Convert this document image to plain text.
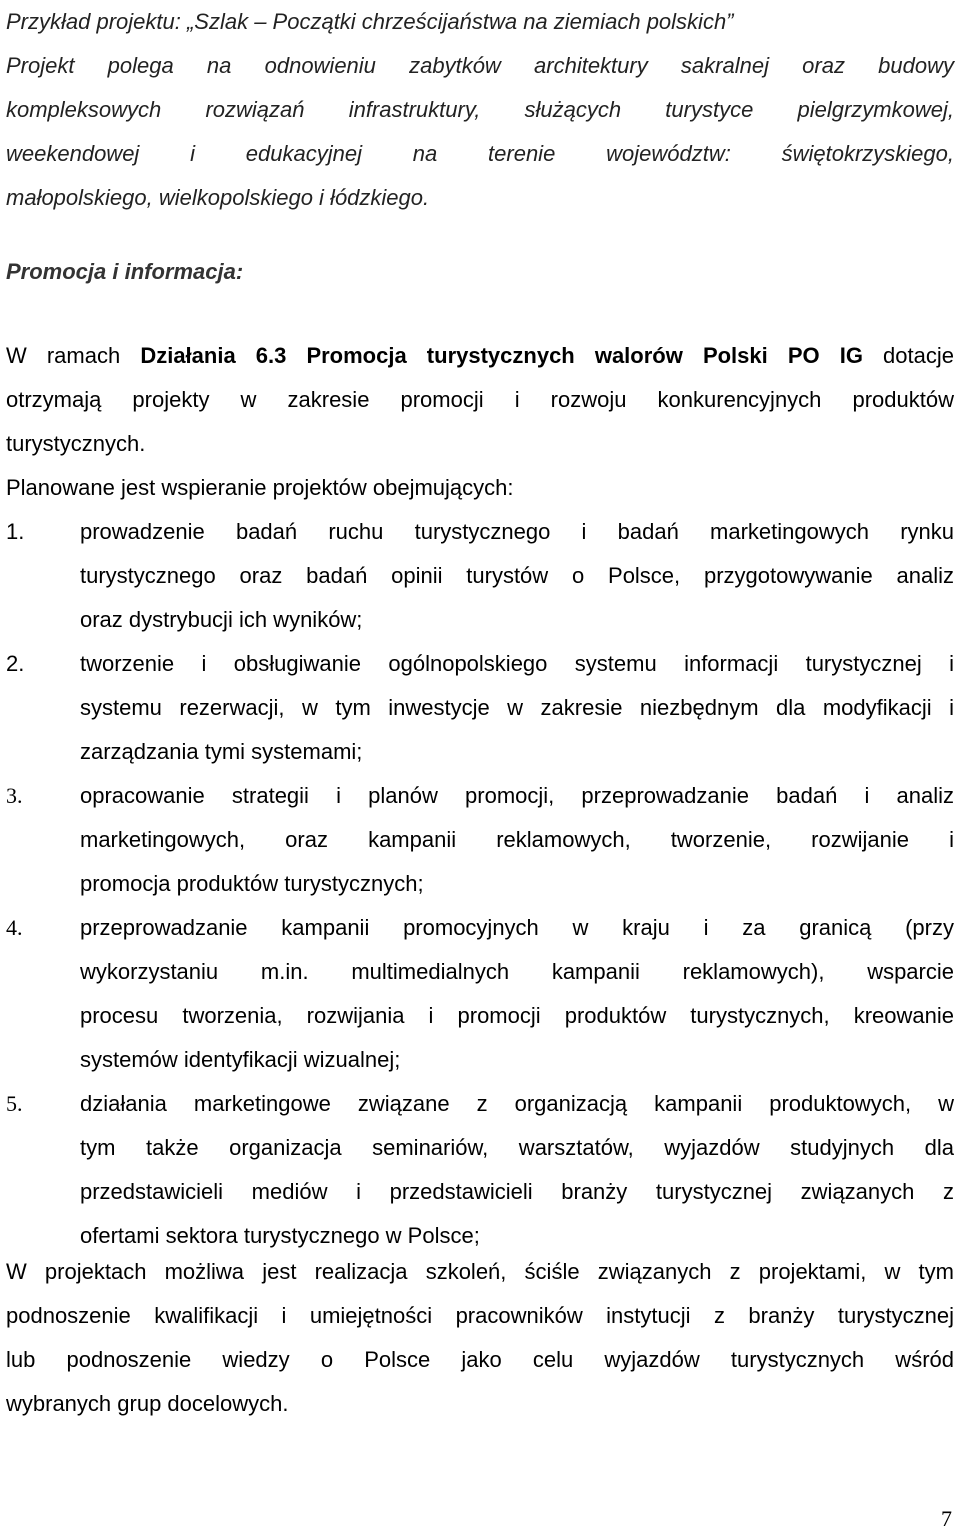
Przykład projektu: „Szlak – Początki chrześcijaństwa na ziemiach polskich”
Projekt polega na odnowieniu zabytków architektury sakralnej oraz budowy
kompleksowych rozwiązań infrastruktury, służących turystyce pielgrzymkowej,
weekendowej i edukacyjnej na terenie województw: świętokrzyskiego,
małopolskiego, wielkopolskiego i łódzkiego.
Promocja i informacja:
W ramach Działania 6.3 Promocja turystycznych walorów Polski PO IG dotacje
otrzymają projekty w zakresie promocji i rozwoju konkurencyjnych produktów
turystycznych.
Planowane jest wspieranie projektów obejmujących:
1.	prowadzenie badań ruchu turystycznego i badań marketingowych rynku
turystycznego oraz badań opinii turystów o Polsce, przygotowywanie analiz
oraz dystrybucji ich wyników;
2.	tworzenie i obsługiwanie ogólnopolskiego systemu informacji turystycznej i
systemu rezerwacji, w tym inwestycje w zakresie niezbędnym dla modyfikacji i
zarządzania tymi systemami;
3.	opracowanie strategii i planów promocji, przeprowadzanie badań i analiz
marketingowych, oraz kampanii reklamowych, tworzenie, rozwijanie i
promocja produktów turystycznych;
4.	przeprowadzanie kampanii promocyjnych w kraju i za granicą (przy
wykorzystaniu m.in. multimedialnych kampanii reklamowych), wsparcie
procesu tworzenia, rozwijania i promocji produktów turystycznych, kreowanie
systemów identyfikacji wizualnej;
5.	działania marketingowe związane z organizacją kampanii produktowych, w
tym także organizacja seminariów, warsztatów, wyjazdów studyjnych dla
przedstawicieli mediów i przedstawicieli branży turystycznej związanych z
ofertami sektora turystycznego w Polsce;
W projektach możliwa jest realizacja szkoleń, ściśle związanych z projektami, w tym
podnoszenie kwalifikacji i umiejętności pracowników instytucji z branży turystycznej
lub podnoszenie wiedzy o Polsce jako celu wyjazdów turystycznych wśród
wybranych grup docelowych.
7
